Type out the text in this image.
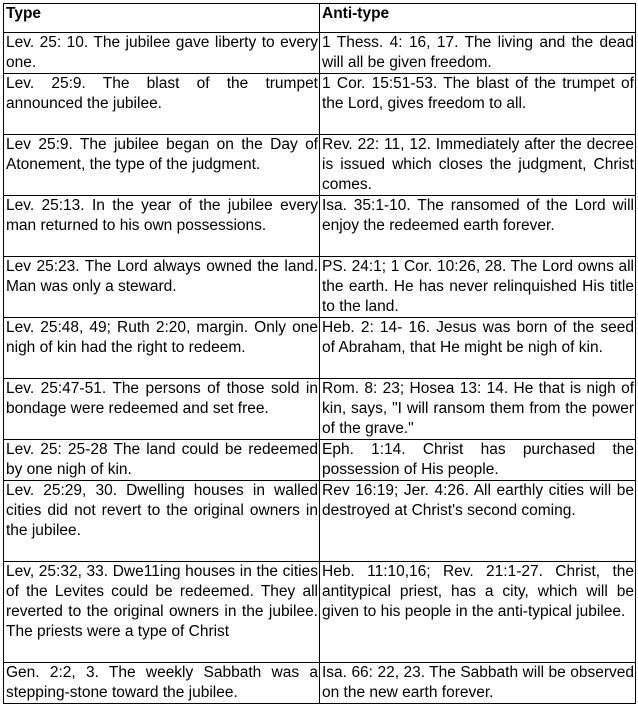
Type	Anti-type
Lev. 25: 10. The jubilee gave liberty to every one.	1 Thess. 4: 16, 17. The living and the dead will all be given freedom.
Lev. 25:9. The blast of the trumpet announced the jubilee.	1 Cor. 15:51-53. The blast of the trumpet of the Lord, gives freedom to all.
Lev 25:9. The jubilee began on the Day of Atonement, the type of the judgment.	Rev. 22: 11, 12. Immediately after the decree is issued which closes the judgment, Christ comes.
Lev. 25:13. In the year of the jubilee every man returned to his own possessions.	Isa. 35:1-10. The ransomed of the Lord will enjoy the redeemed earth forever.
Lev 25:23. The Lord always owned the land. Man was only a steward.	PS. 24:1; 1 Cor. 10:26, 28. The Lord owns all the earth. He has never relinquished His title to the land.
Lev. 25:48, 49; Ruth 2:20, margin. Only one nigh of kin had the right to redeem.	Heb. 2: 14- 16. Jesus was born of the seed of Abraham, that He might be nigh of kin.
Lev. 25:47-51. The persons of those sold in bondage were redeemed and set free.	Rom. 8: 23; Hosea 13: 14. He that is nigh of kin, says, "I will ransom them from the power of the grave."
Lev. 25: 25-28 The land could be redeemed by one nigh of kin.	Eph. 1:14. Christ has purchased the possession of His people.
Lev. 25:29, 30. Dwelling houses in walled cities did not revert to the original owners in the jubilee.	Rev 16:19; Jer. 4:26. All earthly cities will be destroyed at Christ's second coming.
Lev, 25:32, 33. Dwe11ing houses in the cities of the Levites could be redeemed. They all reverted to the original owners in the jubilee. The priests were a type of Christ	Heb. 11:10,16; Rev. 21:1-27. Christ, the antitypical priest, has a city, which will be given to his people in the anti-typical jubilee.
Gen. 2:2, 3. The weekly Sabbath was a stepping-stone toward the jubilee.	Isa. 66: 22, 23. The Sabbath will be observed on the new earth forever.
